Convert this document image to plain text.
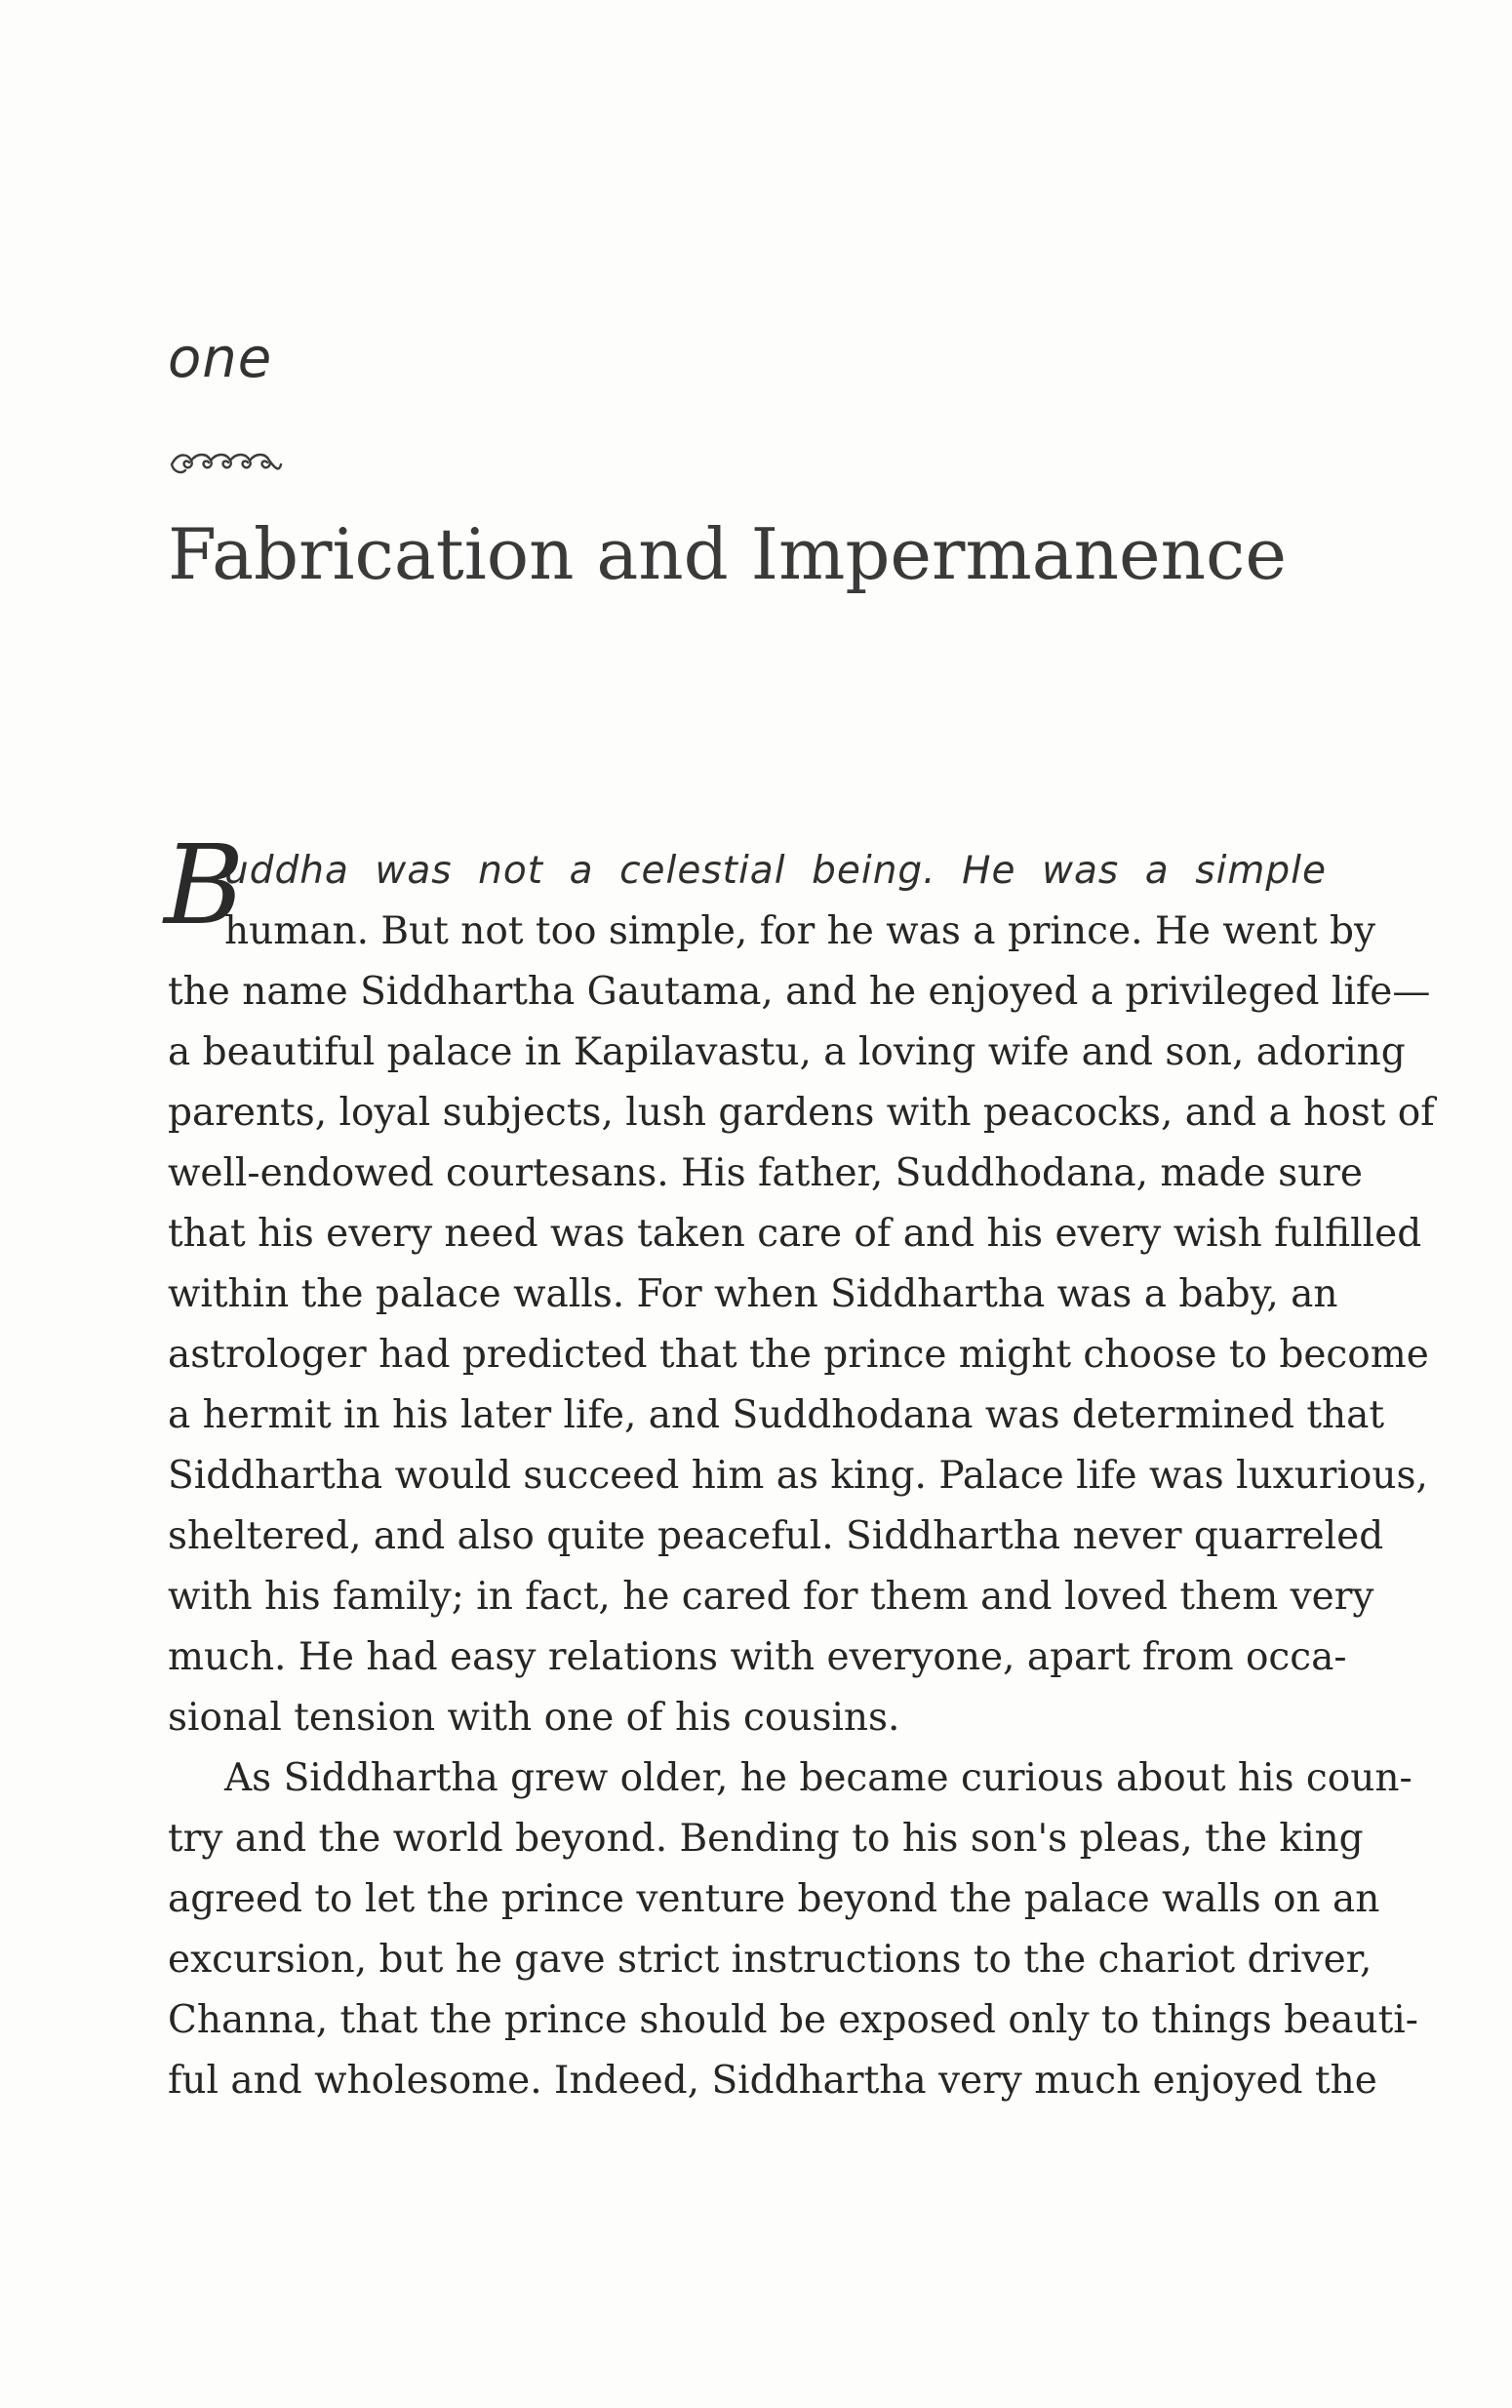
one
Fabrication and Impermanence
B
uddha was not a celestial being. He was a simple
human. But not too simple, for he was a prince. He went by
the name Siddhartha Gautama, and he enjoyed a privileged life—
a beautiful palace in Kapilavastu, a loving wife and son, adoring
parents, loyal subjects, lush gardens with peacocks, and a host of
well-endowed courtesans. His father, Suddhodana, made sure
that his every need was taken care of and his every wish fulfilled
within the palace walls. For when Siddhartha was a baby, an
astrologer had predicted that the prince might choose to become
a hermit in his later life, and Suddhodana was determined that
Siddhartha would succeed him as king. Palace life was luxurious,
sheltered, and also quite peaceful. Siddhartha never quarreled
with his family; in fact, he cared for them and loved them very
much. He had easy relations with everyone, apart from occa-
sional tension with one of his cousins.
As Siddhartha grew older, he became curious about his coun-
try and the world beyond. Bending to his son's pleas, the king
agreed to let the prince venture beyond the palace walls on an
excursion, but he gave strict instructions to the chariot driver,
Channa, that the prince should be exposed only to things beauti-
ful and wholesome. Indeed, Siddhartha very much enjoyed the
